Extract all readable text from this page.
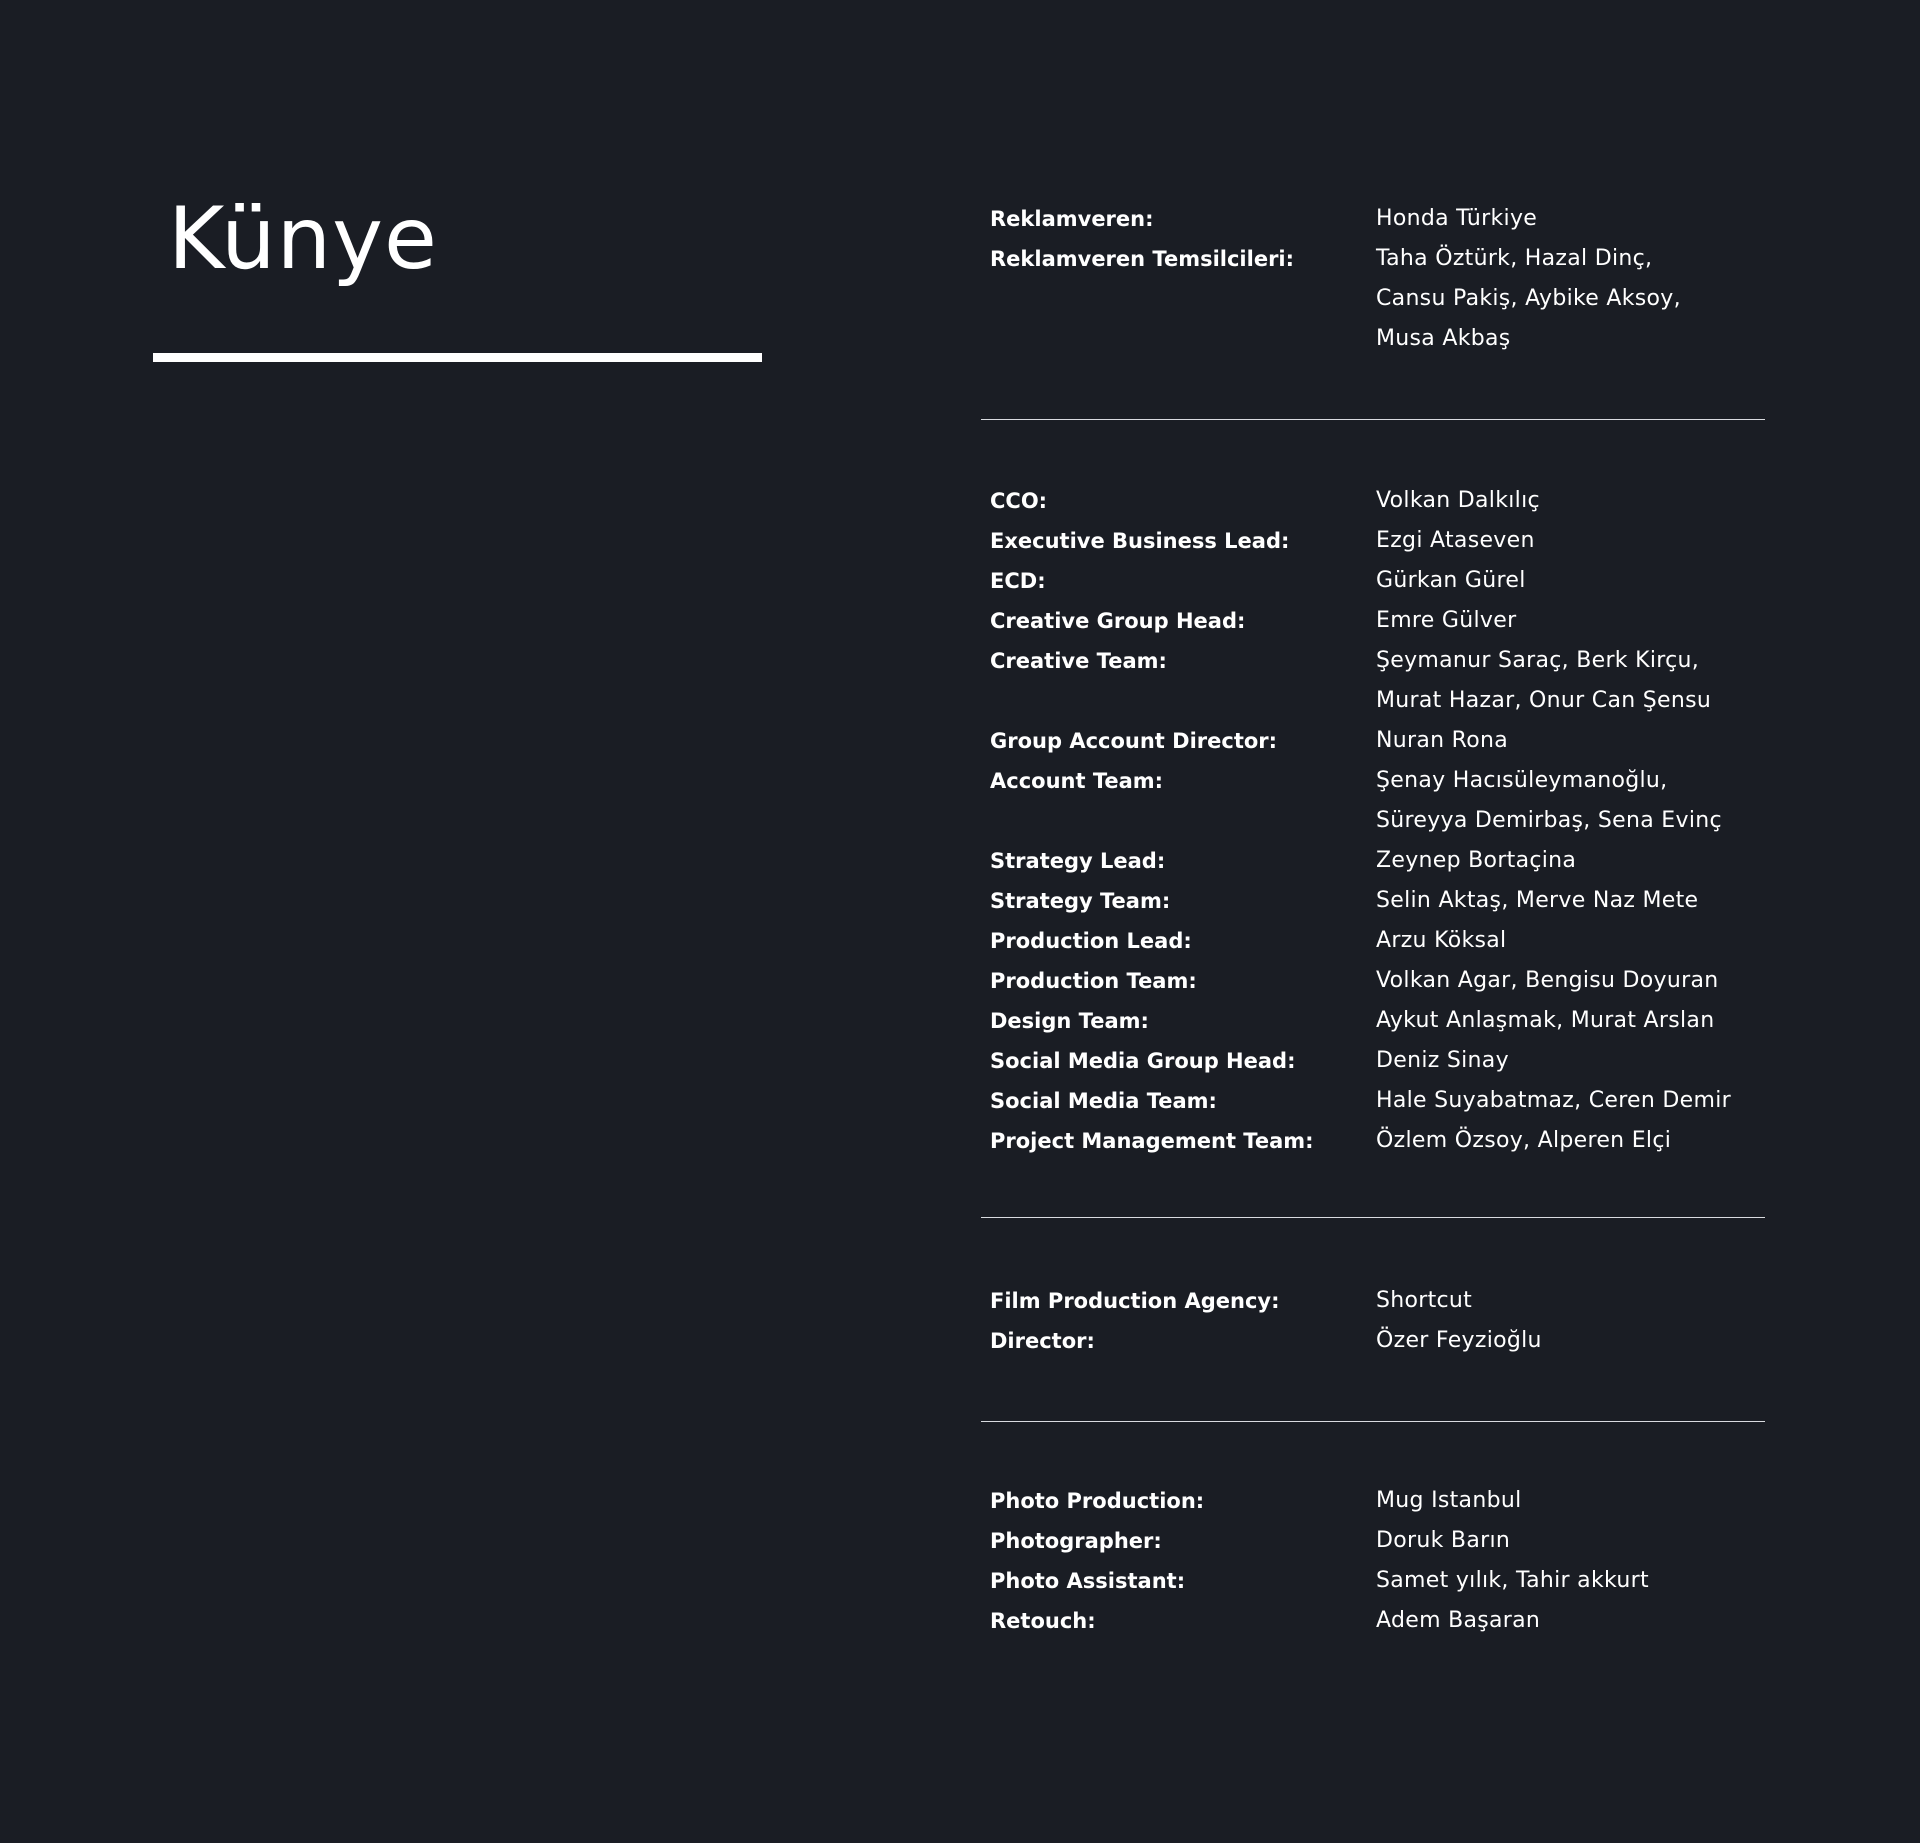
Künye	Reklamveren:	Honda Türkiye
Reklamveren Temsilcileri:	Taha Öztürk, Hazal Dinç,
Cansu Pakiş, Aybike Aksoy,
Musa Akbaş
CCO:	Volkan Dalkılıç
Executive Business Lead:	Ezgi Ataseven
ECD:	Gürkan Gürel
Creative Group Head:	Emre Gülver
Creative Team:	Şeymanur Saraç, Berk Kirçu,
Murat Hazar, Onur Can Şensu
Group Account Director:	Nuran Rona
Account Team:	Şenay Hacısüleymanoğlu,
Süreyya Demirbaş, Sena Evinç
Strategy Lead:	Zeynep Bortaçina
Strategy Team:	Selin Aktaş, Merve Naz Mete
Production Lead:	Arzu Köksal
Production Team:	Volkan Agar, Bengisu Doyuran
Design Team:	Aykut Anlaşmak, Murat Arslan
Social Media Group Head:	Deniz Sinay
Social Media Team:	Hale Suyabatmaz, Ceren Demir
Project Management Team:	Özlem Özsoy, Alperen Elçi
Film Production Agency:	Shortcut
Director:	Özer Feyzioğlu
Photo Production:	Mug Istanbul
Photographer:	Doruk Barın
Photo Assistant:	Samet yılık, Tahir akkurt
Retouch:	Adem Başaran
